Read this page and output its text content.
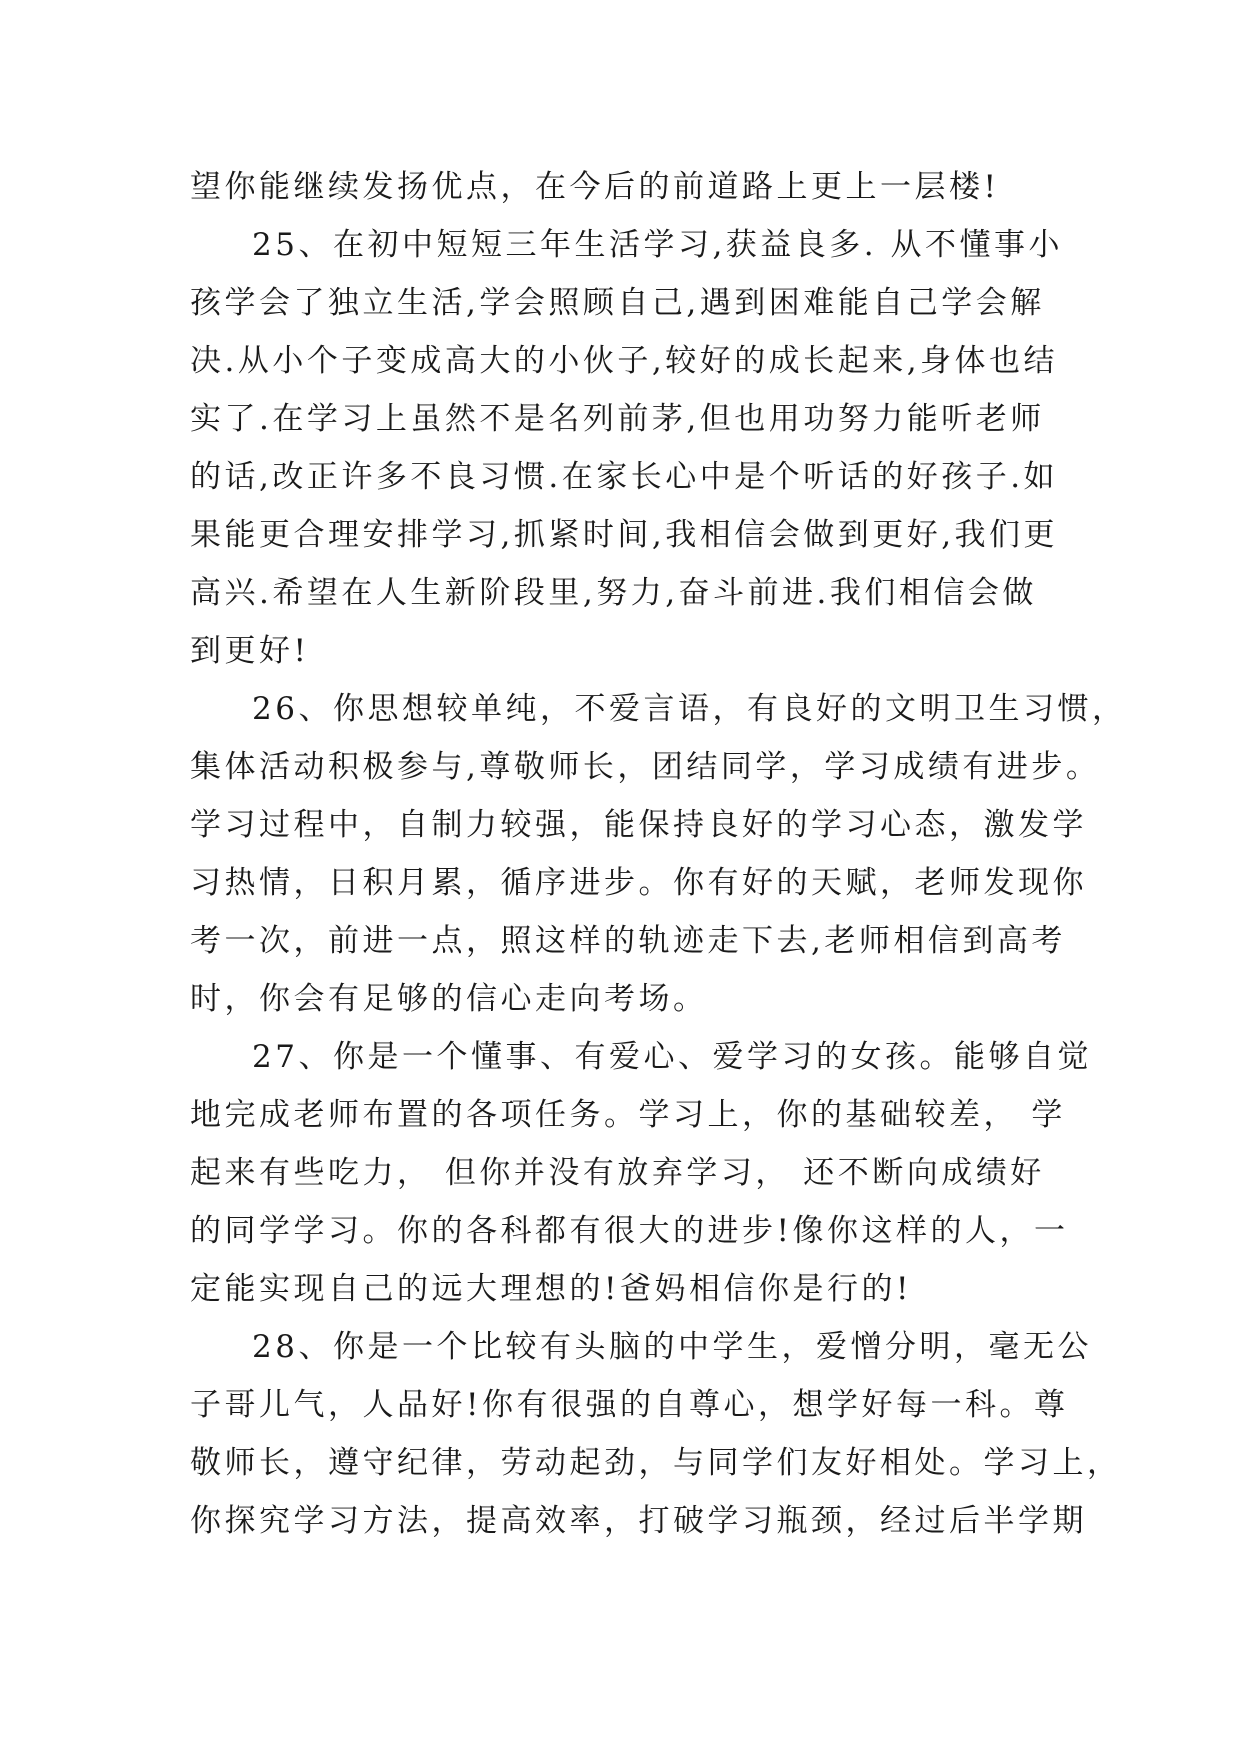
望你能继续发扬优点，在今后的前道路上更上一层楼!
25、在初中短短三年生活学习,获益良多. 从不懂事小
孩学会了独立生活,学会照顾自己,遇到困难能自己学会解
决.从小个子变成高大的小伙子,较好的成长起来,身体也结
实了.在学习上虽然不是名列前茅,但也用功努力能听老师
的话,改正许多不良习惯.在家长心中是个听话的好孩子.如
果能更合理安排学习,抓紧时间,我相信会做到更好,我们更
高兴.希望在人生新阶段里,努力,奋斗前进.我们相信会做
到更好!
26、你思想较单纯，不爱言语，有良好的文明卫生习惯，
集体活动积极参与,尊敬师长，团结同学，学习成绩有进步。
学习过程中，自制力较强，能保持良好的学习心态，激发学
习热情，日积月累，循序进步。你有好的天赋，老师发现你
考一次，前进一点，照这样的轨迹走下去,老师相信到高考
时，你会有足够的信心走向考场。
27、你是一个懂事、有爱心、爱学习的女孩。能够自觉
地完成老师布置的各项任务。学习上，你的基础较差， 学
起来有些吃力， 但你并没有放弃学习， 还不断向成绩好
的同学学习。你的各科都有很大的进步!像你这样的人，一
定能实现自己的远大理想的!爸妈相信你是行的!
28、你是一个比较有头脑的中学生，爱憎分明，毫无公
子哥儿气，人品好!你有很强的自尊心，想学好每一科。尊
敬师长，遵守纪律，劳动起劲，与同学们友好相处。学习上，
你探究学习方法，提高效率，打破学习瓶颈，经过后半学期
